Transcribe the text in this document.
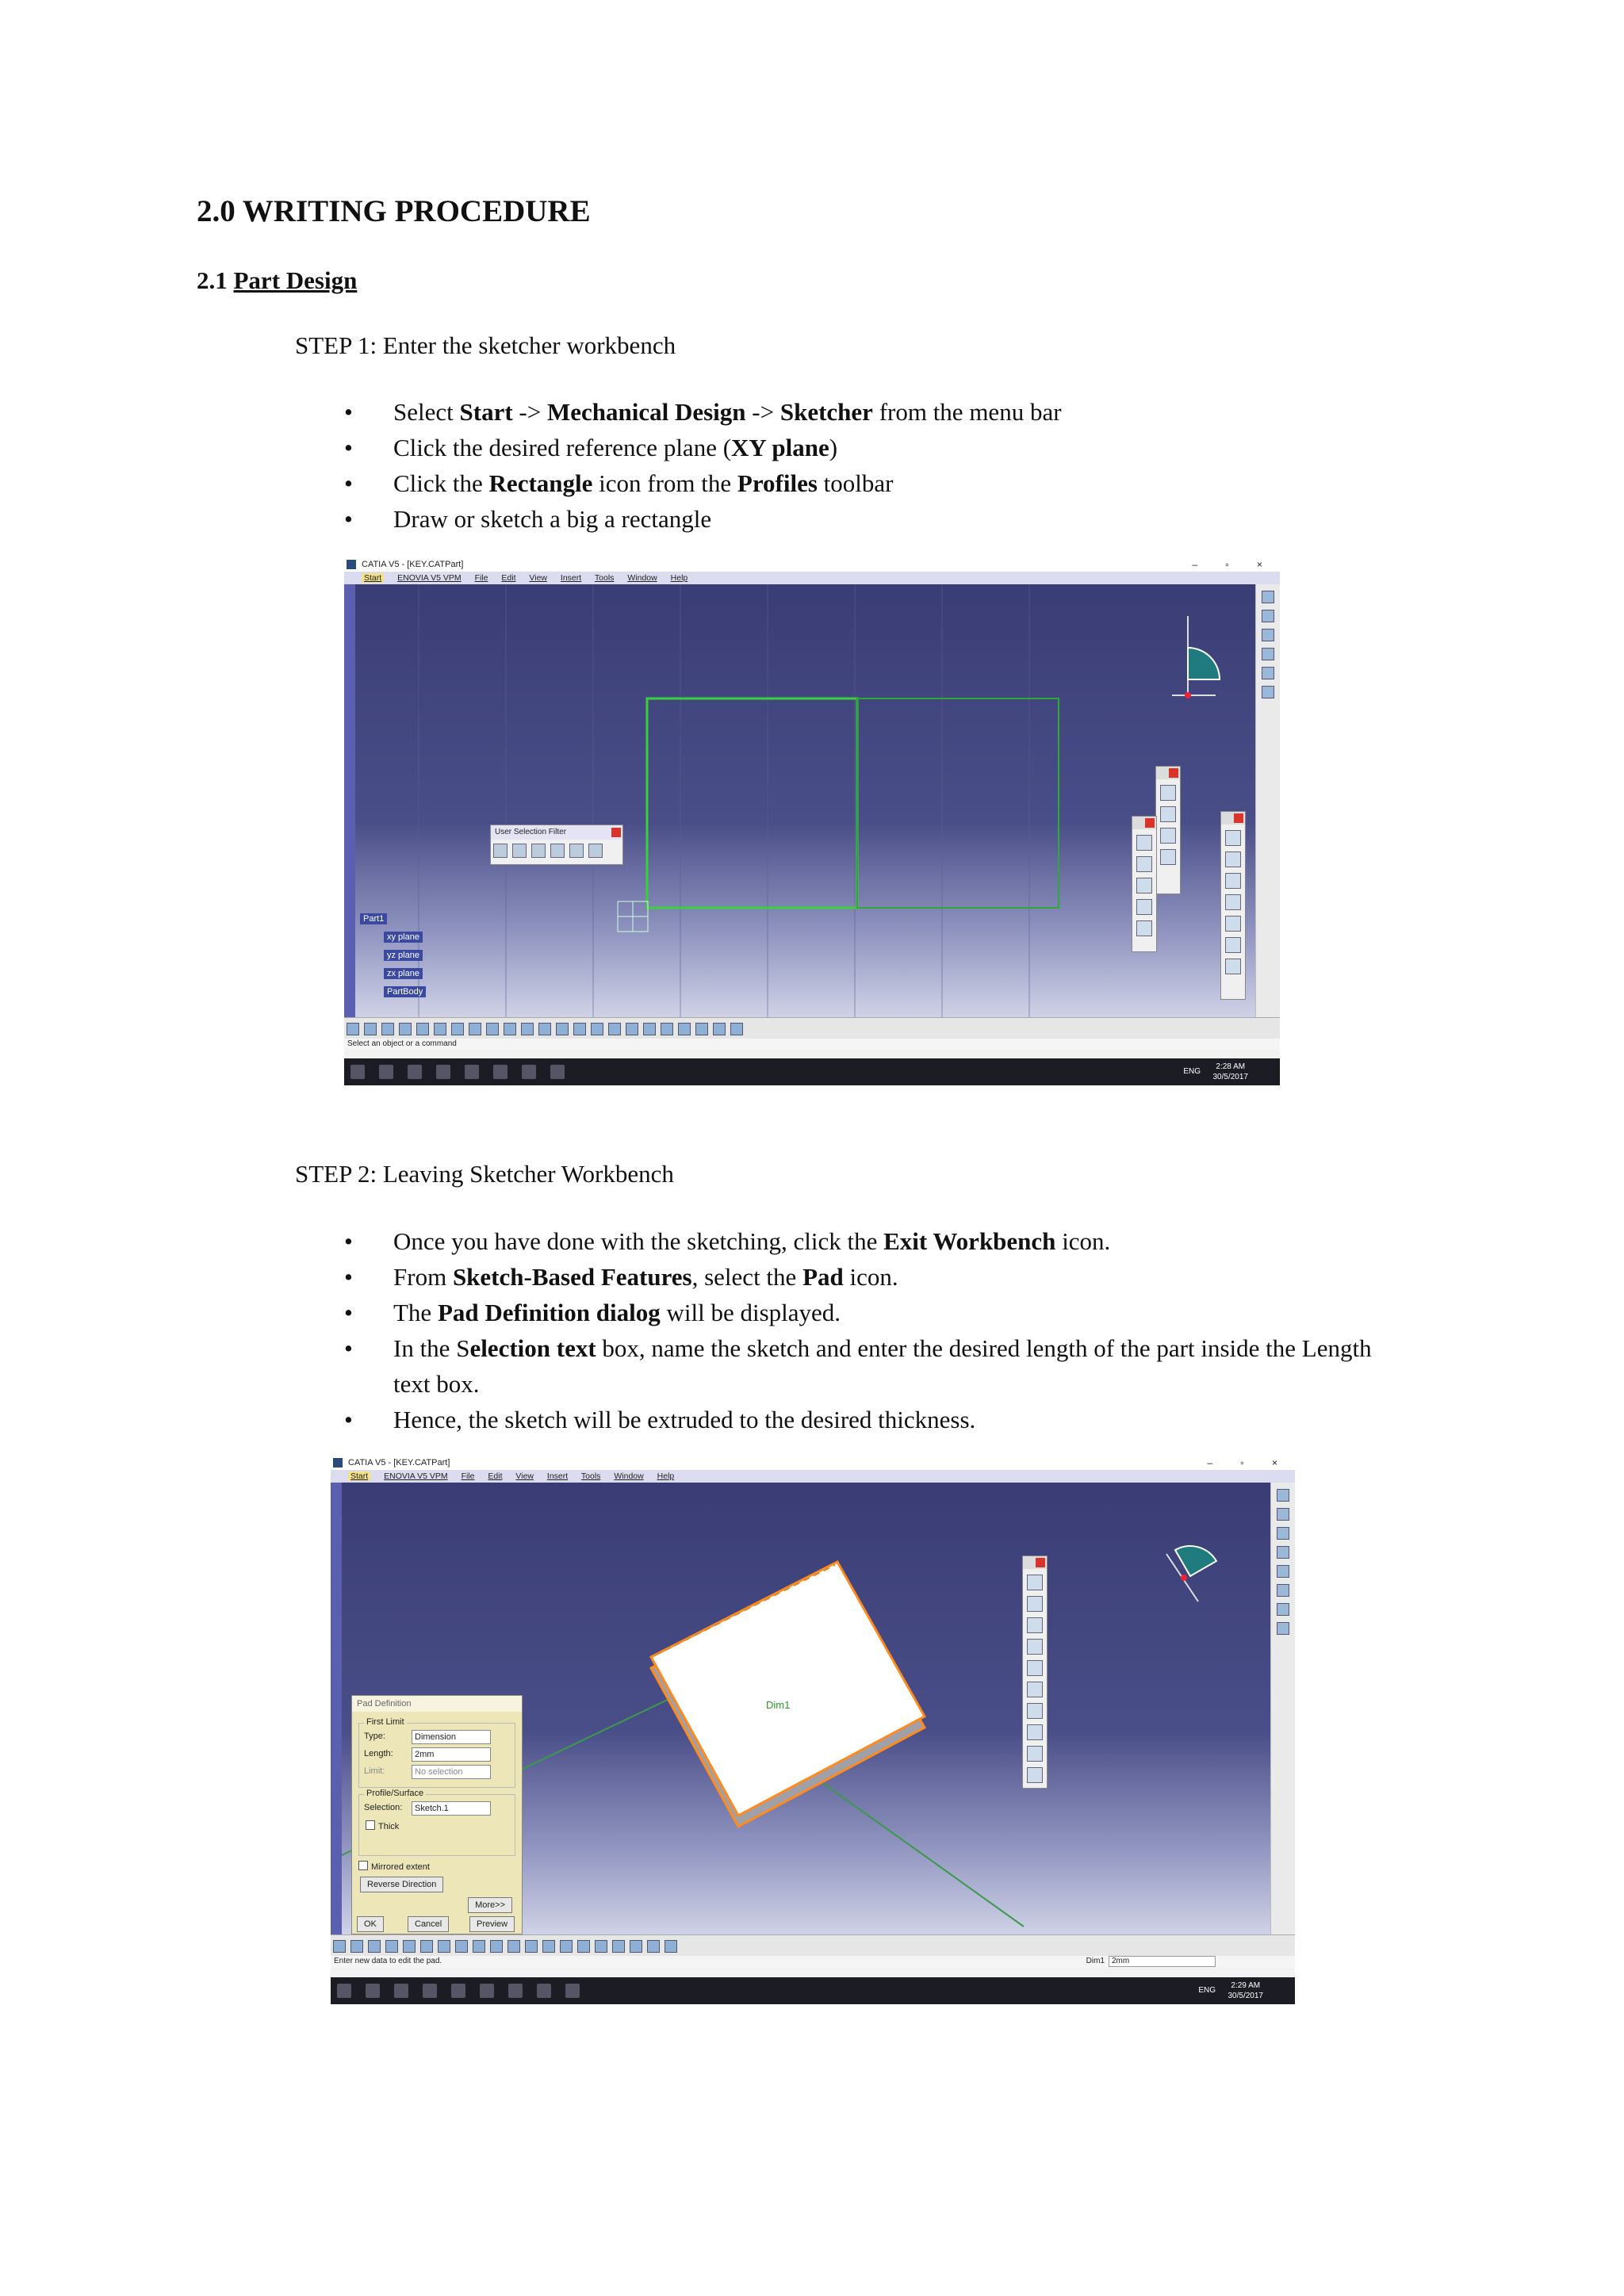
2.0 WRITING PROCEDURE
2.1 Part Design
STEP 1: Enter the sketcher workbench
• Select Start -> Mechanical Design -> Sketcher from the menu bar
• Click the desired reference plane (XY plane)
• Click the Rectangle icon from the Profiles toolbar
• Draw or sketch a big a rectangle
STEP 2: Leaving Sketcher Workbench
• Once you have done with the sketching, click the Exit Workbench icon.
• From Sketch-Based Features, select the Pad icon.
• The Pad Definition dialog will be displayed.
• In the Selection text box, name the sketch and enter the desired length of the part inside the Length text box.
• Hence, the sketch will be extruded to the desired thickness.
CATIA V5 - [KEY.CATPart]	– ▫ ×
Start ENOVIA V5 VPM File Edit View Insert Tools Window Help
Part1
xy plane
yz plane
zx plane
PartBody
User Selection Filter
Select an object or a command
ENG
2:28 AM
30/5/2017
CATIA V5 - [KEY.CATPart]	– ▫ ×
Start ENOVIA V5 VPM File Edit View Insert Tools Window Help
Dim1
Pad Definition
First Limit
Type:	Dimension
Length:	2mm
Limit:	No selection
Profile/Surface
Selection:	Sketch.1
Thick
Mirrored extent
Reverse Direction
More>>
OK	Cancel	Preview
Enter new data to edit the pad.	Dim1 2mm
ENG
2:29 AM
30/5/2017
